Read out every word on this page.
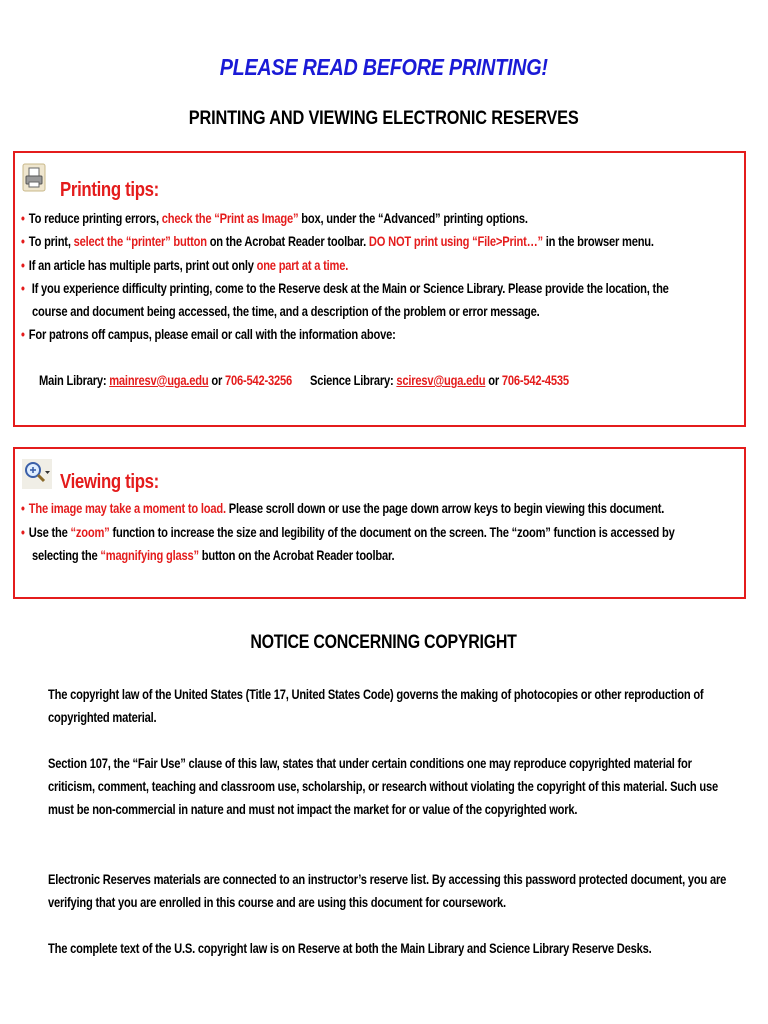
PLEASE READ BEFORE PRINTING!
PRINTING AND VIEWING ELECTRONIC RESERVES
Printing tips:
• To reduce printing errors, check the “Print as Image” box, under the “Advanced” printing options.
• To print, select the “printer” button on the Acrobat Reader toolbar. DO NOT print using “File>Print…” in the browser menu.
• If an article has multiple parts, print out only one part at a time.
• If you experience difficulty printing, come to the Reserve desk at the Main or Science Library. Please provide the location, the
course and document being accessed, the time, and a description of the problem or error message.
• For patrons off campus, please email or call with the information above:
Main Library: mainresv@uga.edu or 706-542-3256 Science Library: sciresv@uga.edu or 706-542-4535
Viewing tips:
• The image may take a moment to load. Please scroll down or use the page down arrow keys to begin viewing this document.
• Use the “zoom” function to increase the size and legibility of the document on the screen. The “zoom” function is accessed by
selecting the “magnifying glass” button on the Acrobat Reader toolbar.
NOTICE CONCERNING COPYRIGHT
The copyright law of the United States (Title 17, United States Code) governs the making of photocopies or other reproduction of copyrighted material.
Section 107, the “Fair Use” clause of this law, states that under certain conditions one may reproduce copyrighted material for criticism, comment, teaching and classroom use, scholarship, or research without violating the copyright of this material. Such use must be non-commercial in nature and must not impact the market for or value of the copyrighted work.
Electronic Reserves materials are connected to an instructor’s reserve list. By accessing this password protected document, you are verifying that you are enrolled in this course and are using this document for coursework.
The complete text of the U.S. copyright law is on Reserve at both the Main Library and Science Library Reserve Desks.
